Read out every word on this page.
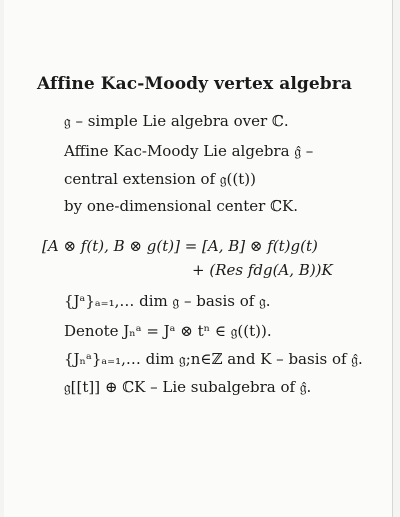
Affine Kac-Moody vertex algebra
𝔤 – simple Lie algebra over ℂ.
Affine Kac-Moody Lie algebra 𝔤̂ –
central extension of 𝔤((t))
by one-dimensional center ℂK.
[A ⊗ f(t), B ⊗ g(t)] = [A, B] ⊗ f(t)g(t)
+ (Res fdg(A, B))K
{Jᵃ}ₐ₌₁,… dim 𝔤 – basis of 𝔤.
Denote Jₙᵃ = Jᵃ ⊗ tⁿ ∈ 𝔤((t)).
{Jₙᵃ}ₐ₌₁,… dim 𝔤;n∈ℤ and K – basis of 𝔤̂.
𝔤[[t]] ⊕ ℂK – Lie subalgebra of 𝔤̂.
